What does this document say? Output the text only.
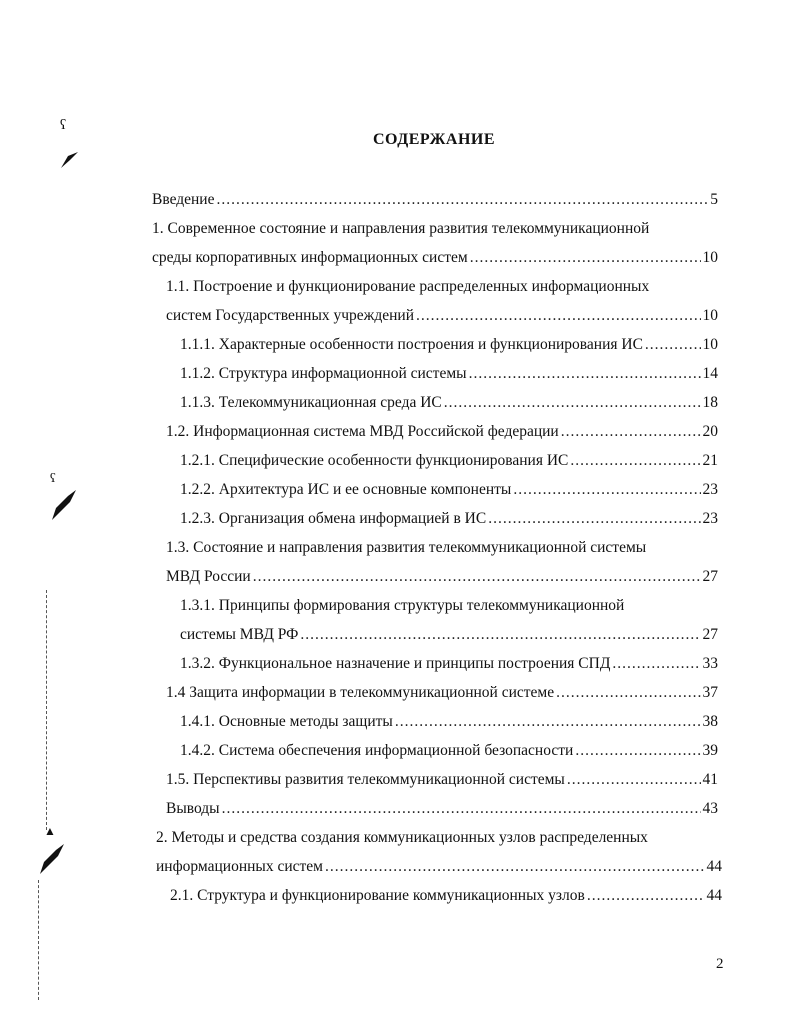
СОДЕРЖАНИЕ
Введение .....	5
1. Современное состояние и направления развития телекоммуникационной
среды корпоративных информационных систем .....	10
1.1. Построение и функционирование распределенных информационных
систем Государственных учреждений .....	10
1.1.1. Характерные особенности построения и функционирования ИС .....	10
1.1.2. Структура информационной системы .....	14
1.1.3. Телекоммуникационная среда ИС .....	18
1.2. Информационная система МВД Российской федерации .....	20
1.2.1. Специфические особенности функционирования ИС .....	21
1.2.2. Архитектура ИС и ее основные компоненты .....	23
1.2.3. Организация обмена информацией в ИС .....	23
1.3. Состояние и направления развития телекоммуникационной системы
МВД России .....	27
1.3.1. Принципы формирования структуры телекоммуникационной
системы МВД РФ .....	27
1.3.2. Функциональное назначение и принципы построения СПД .....	33
1.4 Защита информации в телекоммуникационной системе .....	37
1.4.1. Основные методы защиты .....	38
1.4.2. Система обеспечения информационной безопасности .....	39
1.5. Перспективы развития телекоммуникационной системы .....	41
Выводы .....	43
2. Методы и средства создания коммуникационных узлов распределенных
информационных систем .....	44
2.1. Структура и функционирование коммуникационных узлов .....	44
2
ʕ
ʕ
▲
